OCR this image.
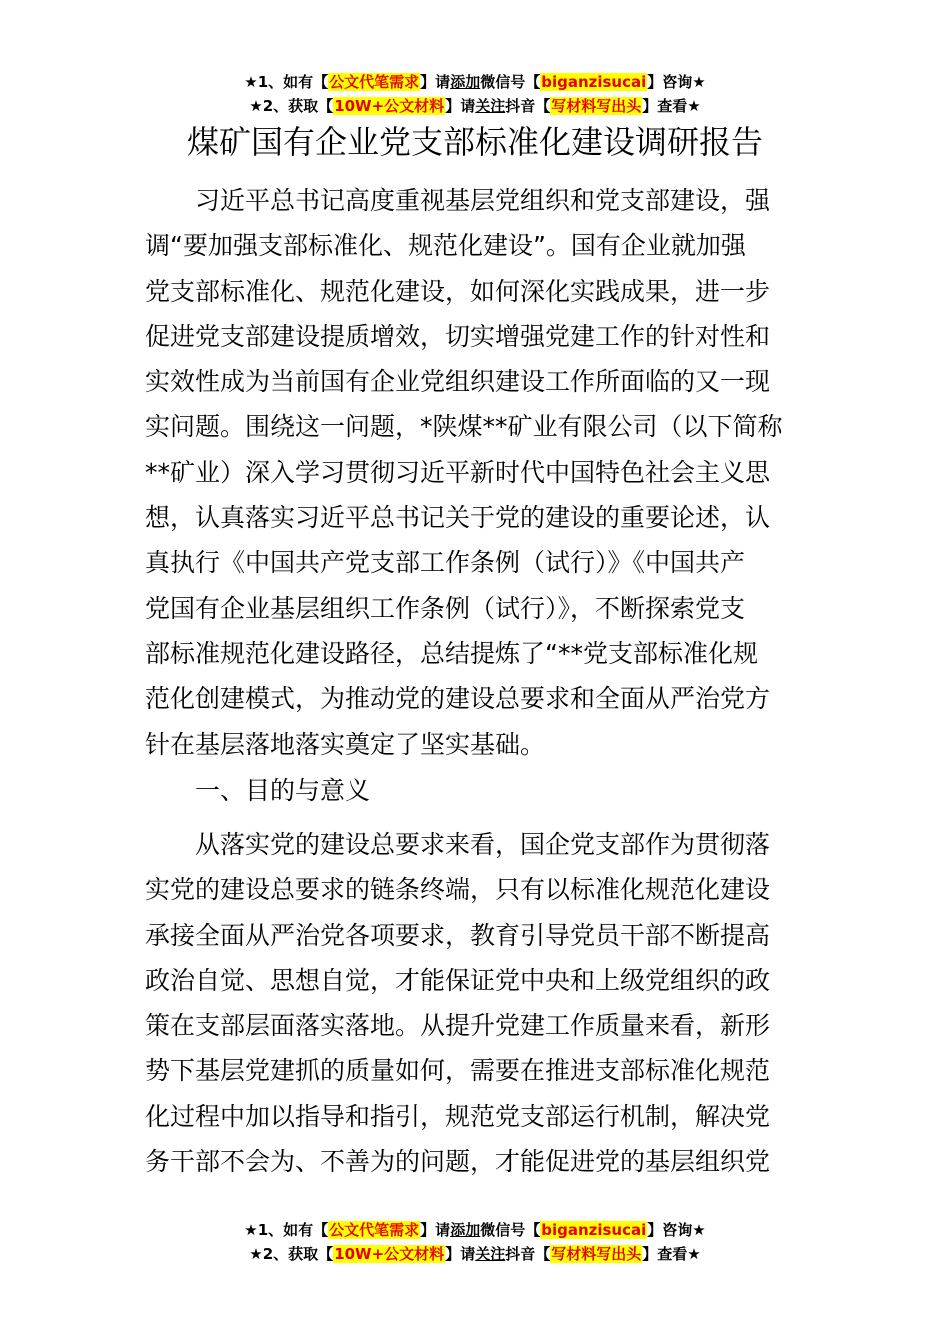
★1、如有【公文代笔需求】请添加微信号【biganzisucai】咨询★
★2、获取【10W+公文材料】请关注抖音【写材料写出头】查看★
煤矿国有企业党支部标准化建设调研报告
习近平总书记高度重视基层党组织和党支部建设，强
调“要加强支部标准化、规范化建设”。国有企业就加强
党支部标准化、规范化建设，如何深化实践成果，进一步
促进党支部建设提质增效，切实增强党建工作的针对性和
实效性成为当前国有企业党组织建设工作所面临的又一现
实问题。围绕这一问题，*陕煤**矿业有限公司（以下简称
**矿业）深入学习贯彻习近平新时代中国特色社会主义思
想，认真落实习近平总书记关于党的建设的重要论述，认
真执行《中国共产党支部工作条例（试行）》《中国共产
党国有企业基层组织工作条例（试行）》，不断探索党支
部标准规范化建设路径，总结提炼了“**党支部标准化规
范化创建模式，为推动党的建设总要求和全面从严治党方
针在基层落地落实奠定了坚实基础。
一、目的与意义
从落实党的建设总要求来看，国企党支部作为贯彻落
实党的建设总要求的链条终端，只有以标准化规范化建设
承接全面从严治党各项要求，教育引导党员干部不断提高
政治自觉、思想自觉，才能保证党中央和上级党组织的政
策在支部层面落实落地。从提升党建工作质量来看，新形
势下基层党建抓的质量如何，需要在推进支部标准化规范
化过程中加以指导和指引，规范党支部运行机制，解决党
务干部不会为、不善为的问题，才能促进党的基层组织党
★1、如有【公文代笔需求】请添加微信号【biganzisucai】咨询★
★2、获取【10W+公文材料】请关注抖音【写材料写出头】查看★
